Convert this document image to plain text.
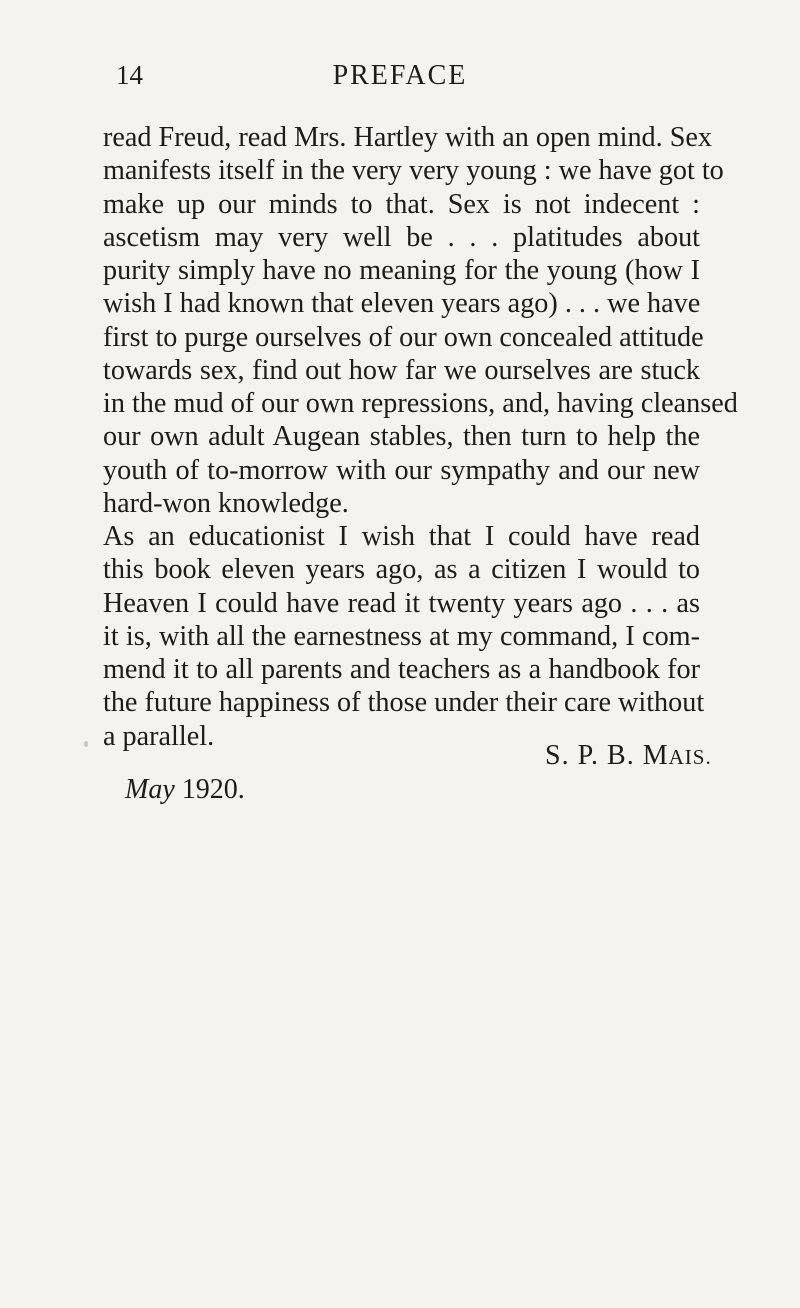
14	PREFACE
read Freud, read Mrs. Hartley with an open mind. Sex
manifests itself in the very very young : we have got to
make up our minds to that. Sex is not indecent :
ascetism may very well be . . . platitudes about
purity simply have no meaning for the young (how I
wish I had known that eleven years ago) . . . we have
first to purge ourselves of our own concealed attitude
towards sex, find out how far we ourselves are stuck
in the mud of our own repressions, and, having cleansed
our own adult Augean stables, then turn to help the
youth of to-morrow with our sympathy and our new
hard-won knowledge.
As an educationist I wish that I could have read
this book eleven years ago, as a citizen I would to
Heaven I could have read it twenty years ago . . . as
it is, with all the earnestness at my command, I com-
mend it to all parents and teachers as a handbook for
the future happiness of those under their care without
a parallel.
S. P. B. MAIS.
May 1920.
